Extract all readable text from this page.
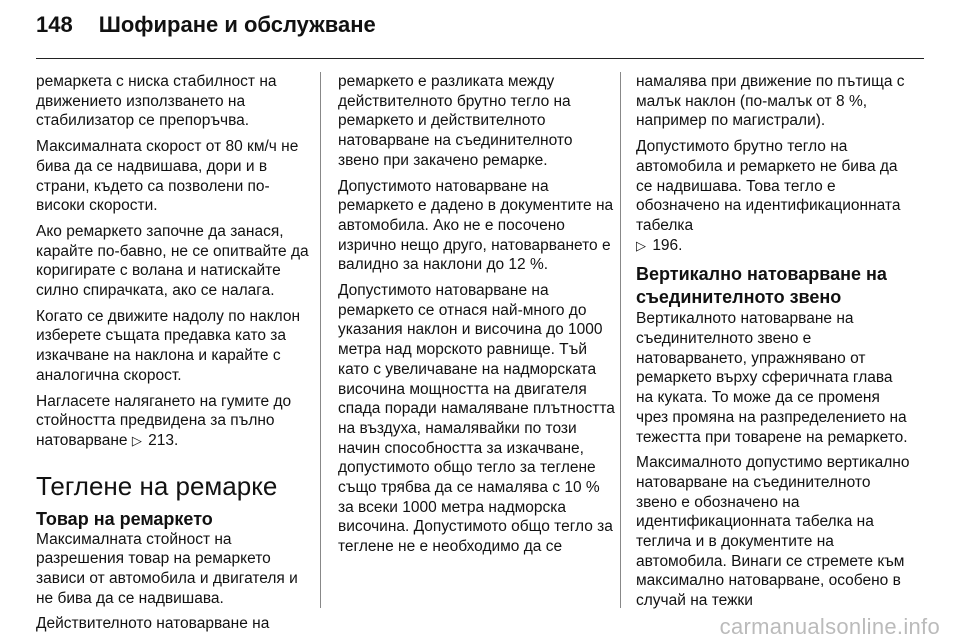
148 Шофиране и обслужване

ремаркета с ниска стабилност на движението използването на стабилизатор се препоръчва.

Максималната скорост от 80 км/ч не бива да се надвишава, дори и в страни, където са позволени по-високи скорости.

Ако ремаркето започне да занася, карайте по-бавно, не се опитвайте да коригирате с волана и натискайте силно спирачката, ако се налага.

Когато се движите надолу по наклон изберете същата предавка като за изкачване на наклона и карайте с аналогична скорост.

Нагласете налягането на гумите до стойността предвидена за пълно натоварване ▷ 213.

Теглене на ремарке
Товар на ремаркето

Максималната стойност на разрешения товар на ремаркето зависи от автомобила и двигателя и не бива да се надвишава.

Действителното натоварване на

ремаркето е разликата между действителното брутно тегло на ремаркето и действителното натоварване на съединителното звено при закачено ремарке.

Допустимото натоварване на ремаркето е дадено в документите на автомобила. Ако не е посочено изрично нещо друго, натоварването е валидно за наклони до 12 %.

Допустимото натоварване на ремаркето се отнася най-много до указания наклон и височина до 1000 метра над морското равнище. Тъй като с увеличаване на надморската височина мощността на двигателя спада поради намаляване плътността на въздуха, намалявайки по този начин способността за изкачване, допустимото общо тегло за теглене също трябва да се намалява с 10 % за всеки 1000 метра надморска височина. Допустимото общо тегло за теглене не е необходимо да се

намалява при движение по пътища с малък наклон (по-малък от 8 %, например по магистрали).

Допустимото брутно тегло на автомобила и ремаркето не бива да се надвишава. Това тегло е обозначено на идентификационната табелка
▷ 196.

Вертикално натоварване на съединителното звено

Вертикалното натоварване на съединителното звено е натоварването, упражнявано от ремаркето върху сферичната глава на куката. То може да се променя чрез промяна на разпределението на тежестта при товарене на ремаркето.

Максималното допустимо вертикално натоварване на съединителното звено е обозначено на идентификационната табелка на теглича и в документите на автомобила. Винаги се стремете към максимално натоварване, особено в случай на тежки

carmanualsonline.info
